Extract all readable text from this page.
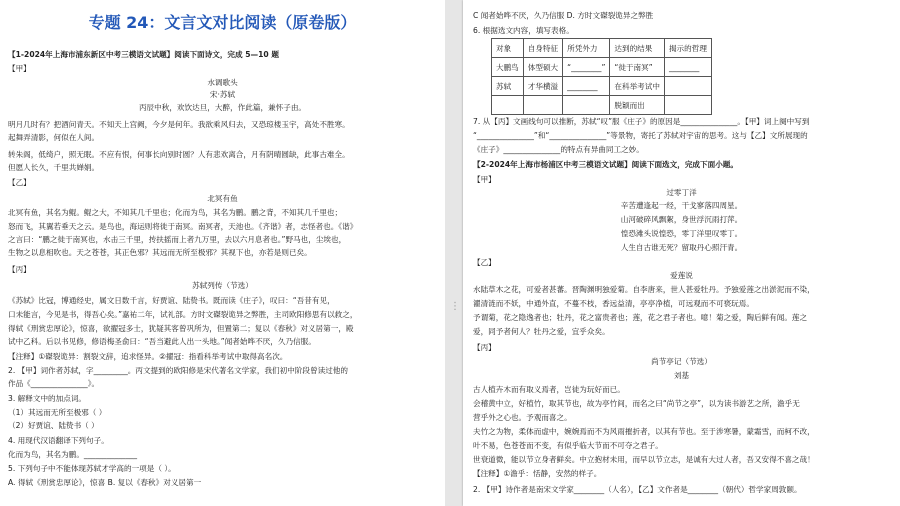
专题 24：文言文对比阅读（原卷版）
【1-2024年上海市浦东新区中考三模语文试题】阅读下面诗文，完成 5—10 题
【甲】
水调歌头
宋·苏轼
丙辰中秋，欢饮达旦，大醉，作此篇，兼怀子由。
明月几时有？把酒问青天。不知天上宫阙，今夕是何年。我欲乘风归去，又恐琼楼玉宇，高处不胜寒。
起舞弄清影，何似在人间。
转朱阁，低绮户，照无眠。不应有恨，何事长向别时圆？人有悲欢离合，月有阴晴圆缺，此事古难全。
但愿人长久，千里共婵娟。
【乙】
北冥有鱼
北冥有鱼，其名为鲲。鲲之大，不知其几千里也；化而为鸟，其名为鹏。鹏之背，不知其几千里也；
怒而飞，其翼若垂天之云。是鸟也，海运则将徙于南冥。南冥者，天池也。《齐谐》者，志怪者也。《谐》
之言曰：“鹏之徙于南冥也，水击三千里，抟扶摇而上者九万里，去以六月息者也。”野马也，尘埃也，
生物之以息相吹也。天之苍苍，其正色邪？其远而无所至极邪？其视下也，亦若是则已矣。
【丙】
苏轼列传（节选）
《苏轼》比冠，博通经史，属文日数千言，好贾谊、陆贽书。既而读《庄子》，叹曰：“吾昔有见，
口未能言，今见是书，得吾心矣。”嘉祐二年，试礼部。方时文磔裂诡异之弊胜，主司欧阳修思有以救之，
得轼《刑赏忠厚论》，惊喜，欲擢冠多士，犹疑其客曾巩所为，但置第二；复以《春秋》对义居第一，殿
试中乙科。后以书见修，修语梅圣俞曰：“吾当避此人出一头地。”闻者始哗不厌，久乃信服。
【注释】①磔裂诡异：割裂文辞，追求怪异。②擢冠：指看科举考试中取得高名次。
2. 【甲】词作者苏轼，字_________。丙文提到的欧阳修是宋代著名文学家，我们初中阶段曾读过他的
作品《_______________》。
3. 解释文中的加点词。
（1）其远而无所至极邪（ ）
（2）好贾谊、陆贽书（ ）
4. 用现代汉语翻译下列句子。
化而为鸟，其名为鹏。______________
5. 下列句子中不能体现苏轼才学高的一项是（ ）。
A. 得轼《刑赏忠厚论》，惊喜 B. 复以《春秋》对义居第一
⋮
C 闻者始哗不厌，久乃信服 D. 方时文磔裂诡异之弊胜
6. 根据选文内容，填写表格。
7. 从【丙】文画线句可以推断，苏轼“叹”服《庄子》的原因是_______________。【甲】词上阕中写到
“_______________”和“_______________”等景物，寄托了苏轼对宇宙的思考。这与【乙】文所展现的
《庄子》_______________的特点有异曲同工之妙。
【2-2024年上海市杨浦区中考三模语文试题】阅读下面选文，完成下面小题。
【甲】
过零丁洋
辛苦遭逢起一经，干戈寥落四周星。
山河破碎风飘絮，身世浮沉雨打萍。
惶恐滩头说惶恐，零丁洋里叹零丁。
人生自古谁无死？留取丹心照汗青。
【乙】
爱莲说
水陆草木之花，可爱者甚蕃。晋陶渊明独爱菊。自李唐来，世人甚爱牡丹。予独爱莲之出淤泥而不染，
濯清涟而不妖，中通外直，不蔓不枝，香远益清，亭亭净植，可远观而不可亵玩焉。
予谓菊，花之隐逸者也；牡丹，花之富贵者也；莲，花之君子者也。噫！菊之爱，陶后鲜有闻。莲之
爱，同予者何人？牡丹之爱，宜乎众矣。
【丙】
尚节亭记（节选）
刘基
古人植卉木而有取义焉者，岂徒为玩好而已。
会稽黄中立，好植竹，取其节也，故为亭竹间，而名之曰“尚节之亭”，以为读书游艺之所，澹乎无
营乎外之心也。予观而喜之。
夫竹之为物，柔体而虚中，婉婉焉而不为风雨摧折者，以其有节也。至于涉寒暑，蒙霜雪，而柯不改，
叶不易，色苍苍而不变，有似乎临大节而不可夺之君子。
世衰道微，能以节立身者鲜矣。中立抱材未用，而早以节立志，是诚有大过人者，吾又安得不喜之哉！
【注释】①澹乎：恬静，安然的样子。
2. 【甲】诗作者是南宋文学家________（人名），【乙】文作者是________（朝代）哲学家周敦颐。
对象	自身特征	所凭外力	达到的结果	揭示的哲理
大鹏鸟	体型硕大	“________”	“徙于南冥”	________
苏轼	才华横溢	________	在科举考试中	
			脱颖而出	
